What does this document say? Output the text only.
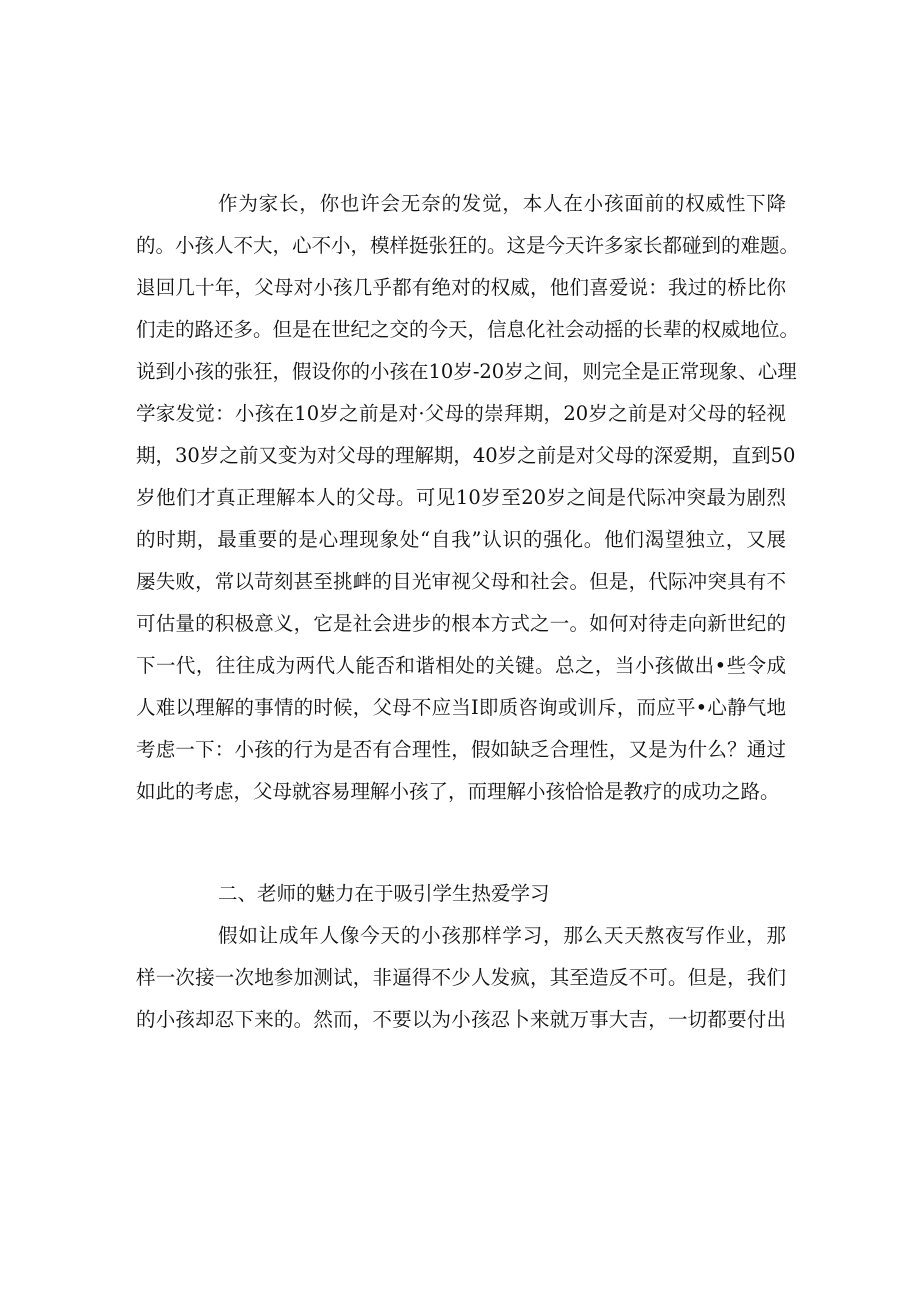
作为家长，你也许会无奈的发觉，本人在小孩面前的权威性下降
的。小孩人不大，心不小，模样挺张狂的。这是今天许多家长都碰到的难题。
退回几十年，父母对小孩几乎都有绝对的权威，他们喜爱说：我过的桥比你
们走的路还多。但是在世纪之交的今天，信息化社会动摇的长辈的权威地位。
说到小孩的张狂，假设你的小孩在10岁-20岁之间，则完全是正常现象、心理
学家发觉：小孩在10岁之前是对·父母的崇拜期，20岁之前是对父母的轻视
期，30岁之前又变为对父母的理解期，40岁之前是对父母的深爱期，直到50
岁他们才真正理解本人的父母。可见10岁至20岁之间是代际冲突最为剧烈
的时期，最重要的是心理现象处“自我”认识的强化。他们渴望独立，又展
屡失败，常以苛刻甚至挑衅的目光审视父母和社会。但是，代际冲突具有不
可估量的积极意义，它是社会进步的根本方式之一。如何对待走向新世纪的
下一代，往往成为两代人能否和谐相处的关键。总之，当小孩做出•些令成
人难以理解的事情的时候，父母不应当I即质咨询或训斥，而应平•心静气地
考虑一下：小孩的行为是否有合理性，假如缺乏合理性，又是为什么？通过
如此的考虑，父母就容易理解小孩了，而理解小孩恰恰是教疗的成功之路。
二、老师的魅力在于吸引学生热爱学习
假如让成年人像今天的小孩那样学习，那么天天熬夜写作业，那
样一次接一次地参加测试，非逼得不少人发疯，其至造反不可。但是，我们
的小孩却忍下来的。然而，不要以为小孩忍卜来就万事大吉，一切都要付出
